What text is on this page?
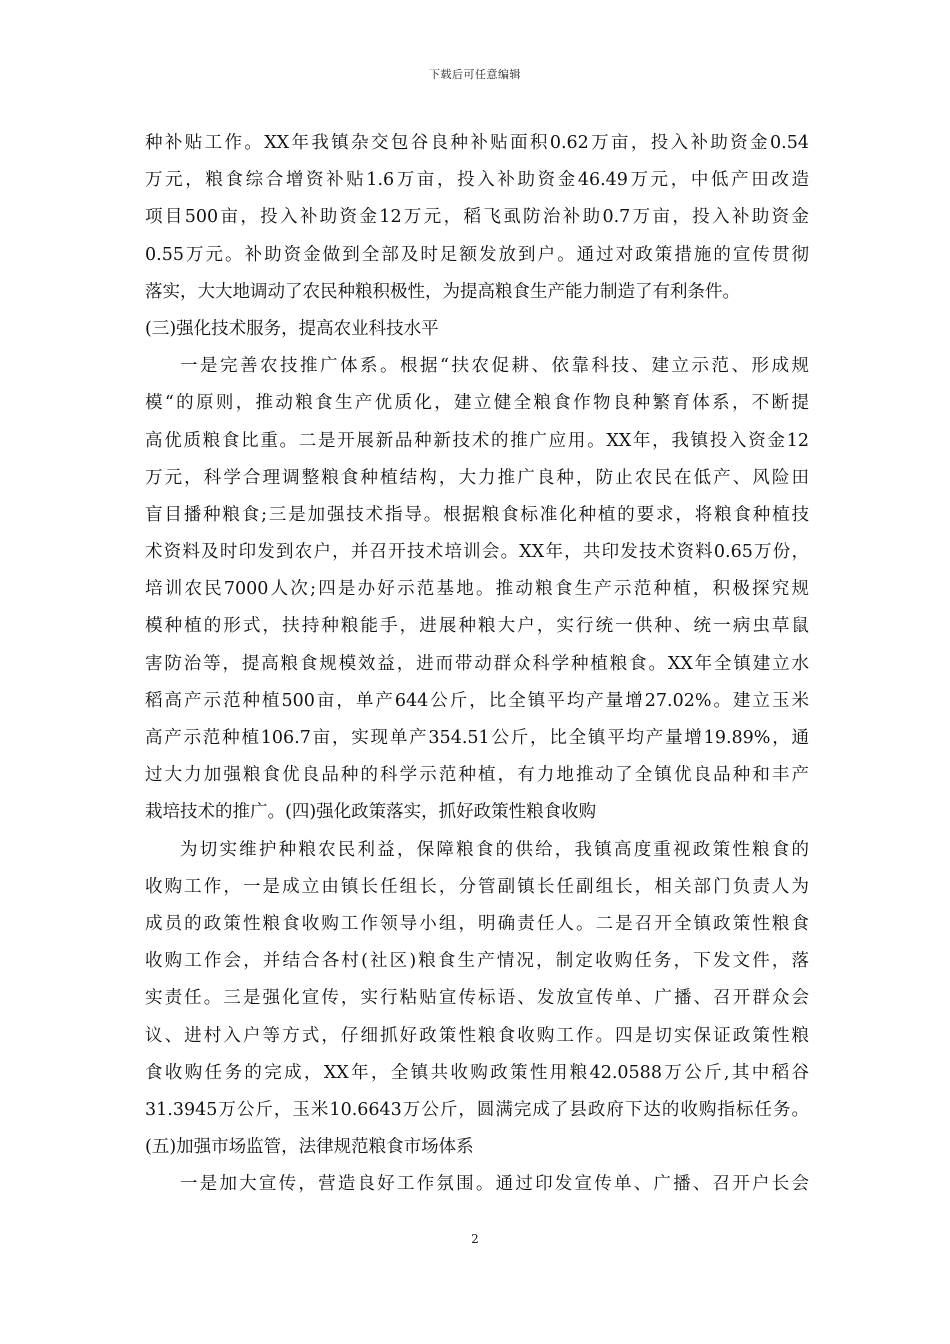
下载后可任意编辑
种补贴工作。XX年我镇杂交包谷良种补贴面积0.62万亩，投入补助资金0.54
万元，粮食综合增资补贴1.6万亩，投入补助资金46.49万元，中低产田改造
项目500亩，投入补助资金12万元，稻飞虱防治补助0.7万亩，投入补助资金
0.55万元。补助资金做到全部及时足额发放到户。通过对政策措施的宣传贯彻
落实，大大地调动了农民种粮积极性，为提高粮食生产能力制造了有利条件。
(三)强化技术服务，提高农业科技水平
一是完善农技推广体系。根据“扶农促耕、依靠科技、建立示范、形成规
模“的原则，推动粮食生产优质化，建立健全粮食作物良种繁育体系，不断提
高优质粮食比重。二是开展新品种新技术的推广应用。XX年，我镇投入资金12
万元，科学合理调整粮食种植结构，大力推广良种，防止农民在低产、风险田
盲目播种粮食;三是加强技术指导。根据粮食标准化种植的要求，将粮食种植技
术资料及时印发到农户，并召开技术培训会。XX年，共印发技术资料0.65万份，
培训农民7000人次;四是办好示范基地。推动粮食生产示范种植，积极探究规
模种植的形式，扶持种粮能手，进展种粮大户，实行统一供种、统一病虫草鼠
害防治等，提高粮食规模效益，进而带动群众科学种植粮食。XX年全镇建立水
稻高产示范种植500亩，单产644公斤，比全镇平均产量增27.02%。建立玉米
高产示范种植106.7亩，实现单产354.51公斤，比全镇平均产量增19.89%，通
过大力加强粮食优良品种的科学示范种植，有力地推动了全镇优良品种和丰产
栽培技术的推广。(四)强化政策落实，抓好政策性粮食收购
为切实维护种粮农民利益，保障粮食的供给，我镇高度重视政策性粮食的
收购工作，一是成立由镇长任组长，分管副镇长任副组长，相关部门负责人为
成员的政策性粮食收购工作领导小组，明确责任人。二是召开全镇政策性粮食
收购工作会，并结合各村(社区)粮食生产情况，制定收购任务，下发文件，落
实责任。三是强化宣传，实行粘贴宣传标语、发放宣传单、广播、召开群众会
议、进村入户等方式，仔细抓好政策性粮食收购工作。四是切实保证政策性粮
食收购任务的完成，XX年，全镇共收购政策性用粮42.0588万公斤,其中稻谷
31.3945万公斤，玉米10.6643万公斤，圆满完成了县政府下达的收购指标任务。
(五)加强市场监管，法律规范粮食市场体系
一是加大宣传，营造良好工作氛围。通过印发宣传单、广播、召开户长会
2
